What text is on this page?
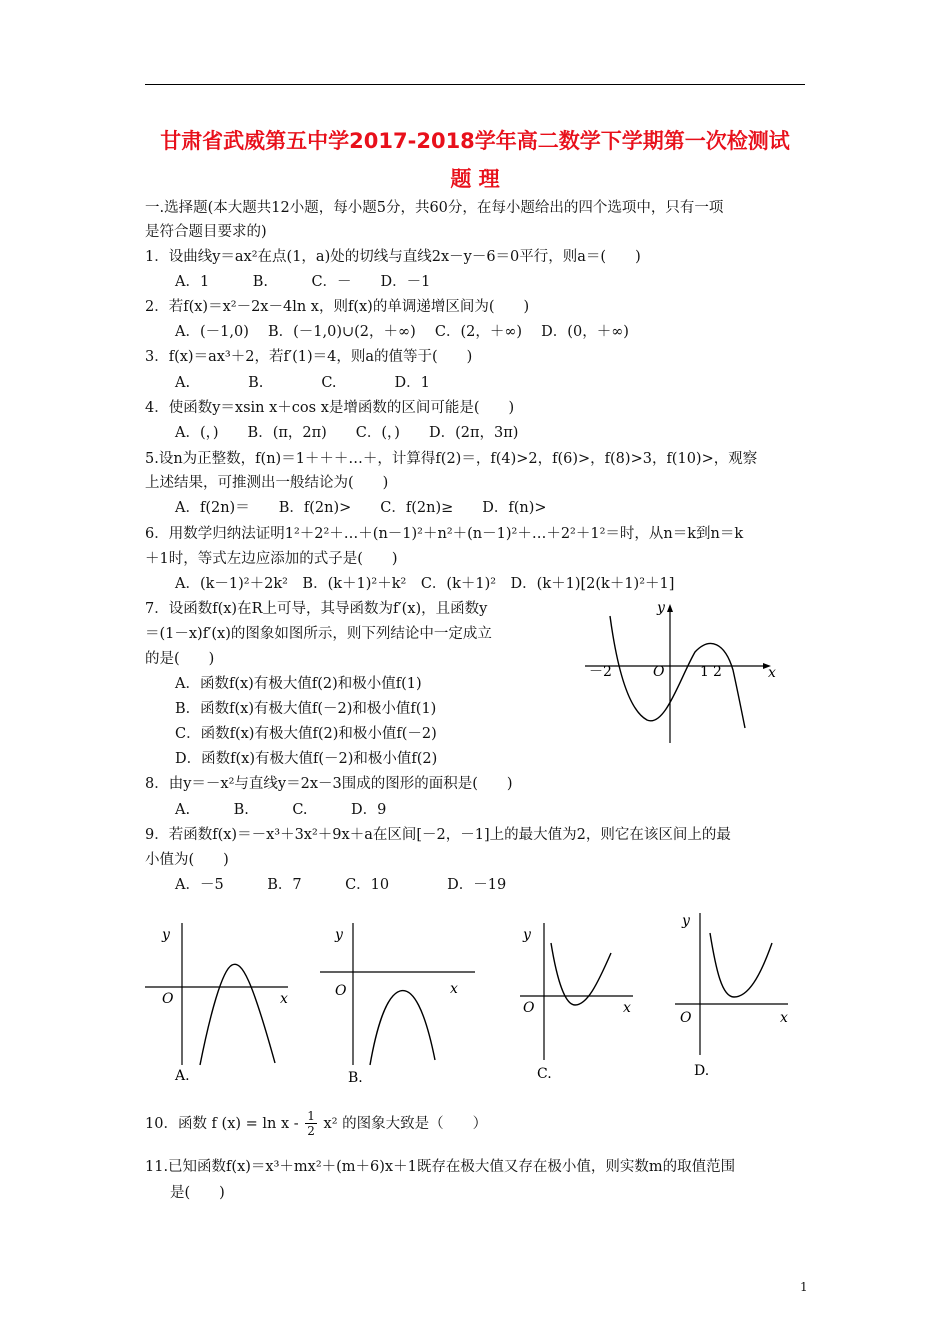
甘肃省武威第五中学2017-2018学年高二数学下学期第一次检测试
题 理
一.选择题(本大题共12小题，每小题5分，共60分，在每小题给出的四个选项中，只有一项
是符合题目要求的)
1．设曲线y＝ax²在点(1，a)处的切线与直线2x－y－6＝0平行，则a＝(　　)
A．1　　　B.　　　C．－　　D．－1
2．若f(x)＝x²－2x－4ln x，则f(x)的单调递增区间为(　　)
A．(－1,0)　 B．(－1,0)∪(2，＋∞)　 C．(2，＋∞)　 D．(0，＋∞)
3．f(x)＝ax³＋2，若f′(1)＝4，则a的值等于(　　)
A.　　　　B.　　　　C.　　　　D．1
4．使函数y＝xsin x＋cos x是增函数的区间可能是(　　)
A．(，)　　B．(π，2π)　　C．(，)　　D．(2π，3π)
5.设n为正整数，f(n)＝1＋＋＋…＋，计算得f(2)＝，f(4)>2，f(6)>，f(8)>3，f(10)>，观察
上述结果，可推测出一般结论为(　　)
A．f(2n)＝　　B．f(2n)>　　C．f(2n)≥　　D．f(n)>
6．用数学归纳法证明1²＋2²＋…＋(n－1)²＋n²＋(n－1)²＋…＋2²＋1²＝时，从n＝k到n＝k
＋1时，等式左边应添加的式子是(　　)
A．(k－1)²＋2k²　B．(k＋1)²＋k²　C．(k＋1)²　D．(k＋1)[2(k＋1)²＋1]
7．设函数f(x)在R上可导，其导函数为f′(x)，且函数y
＝(1－x)f′(x)的图象如图所示，则下列结论中一定成立
的是(　　)
A．函数f(x)有极大值f(2)和极小值f(1)
B．函数f(x)有极大值f(－2)和极小值f(1)
C．函数f(x)有极大值f(2)和极小值f(－2)
D．函数f(x)有极大值f(－2)和极小值f(2)
y
x
O
－2	1 2
8．由y＝－x²与直线y＝2x－3围成的图形的面积是(　　)
A.　　　B.　　　C.　　　D．9
9．若函数f(x)＝－x³＋3x²＋9x＋a在区间[－2，－1]上的最大值为2，则它在该区间上的最
小值为(　　)
A．－5　　　B．7　　　C．10　　　　D．－19
y
x
O
A.
y
x
O
B.
y
x
O
C.
y
x
O
D.
10．函数 f $(x) = \ln x - \frac{1}{2} x^2$ 的图象大致是（　　）
11.已知函数f(x)＝x³＋mx²＋(m＋6)x＋1既存在极大值又存在极小值，则实数m的取值范围
是(　　)
1
